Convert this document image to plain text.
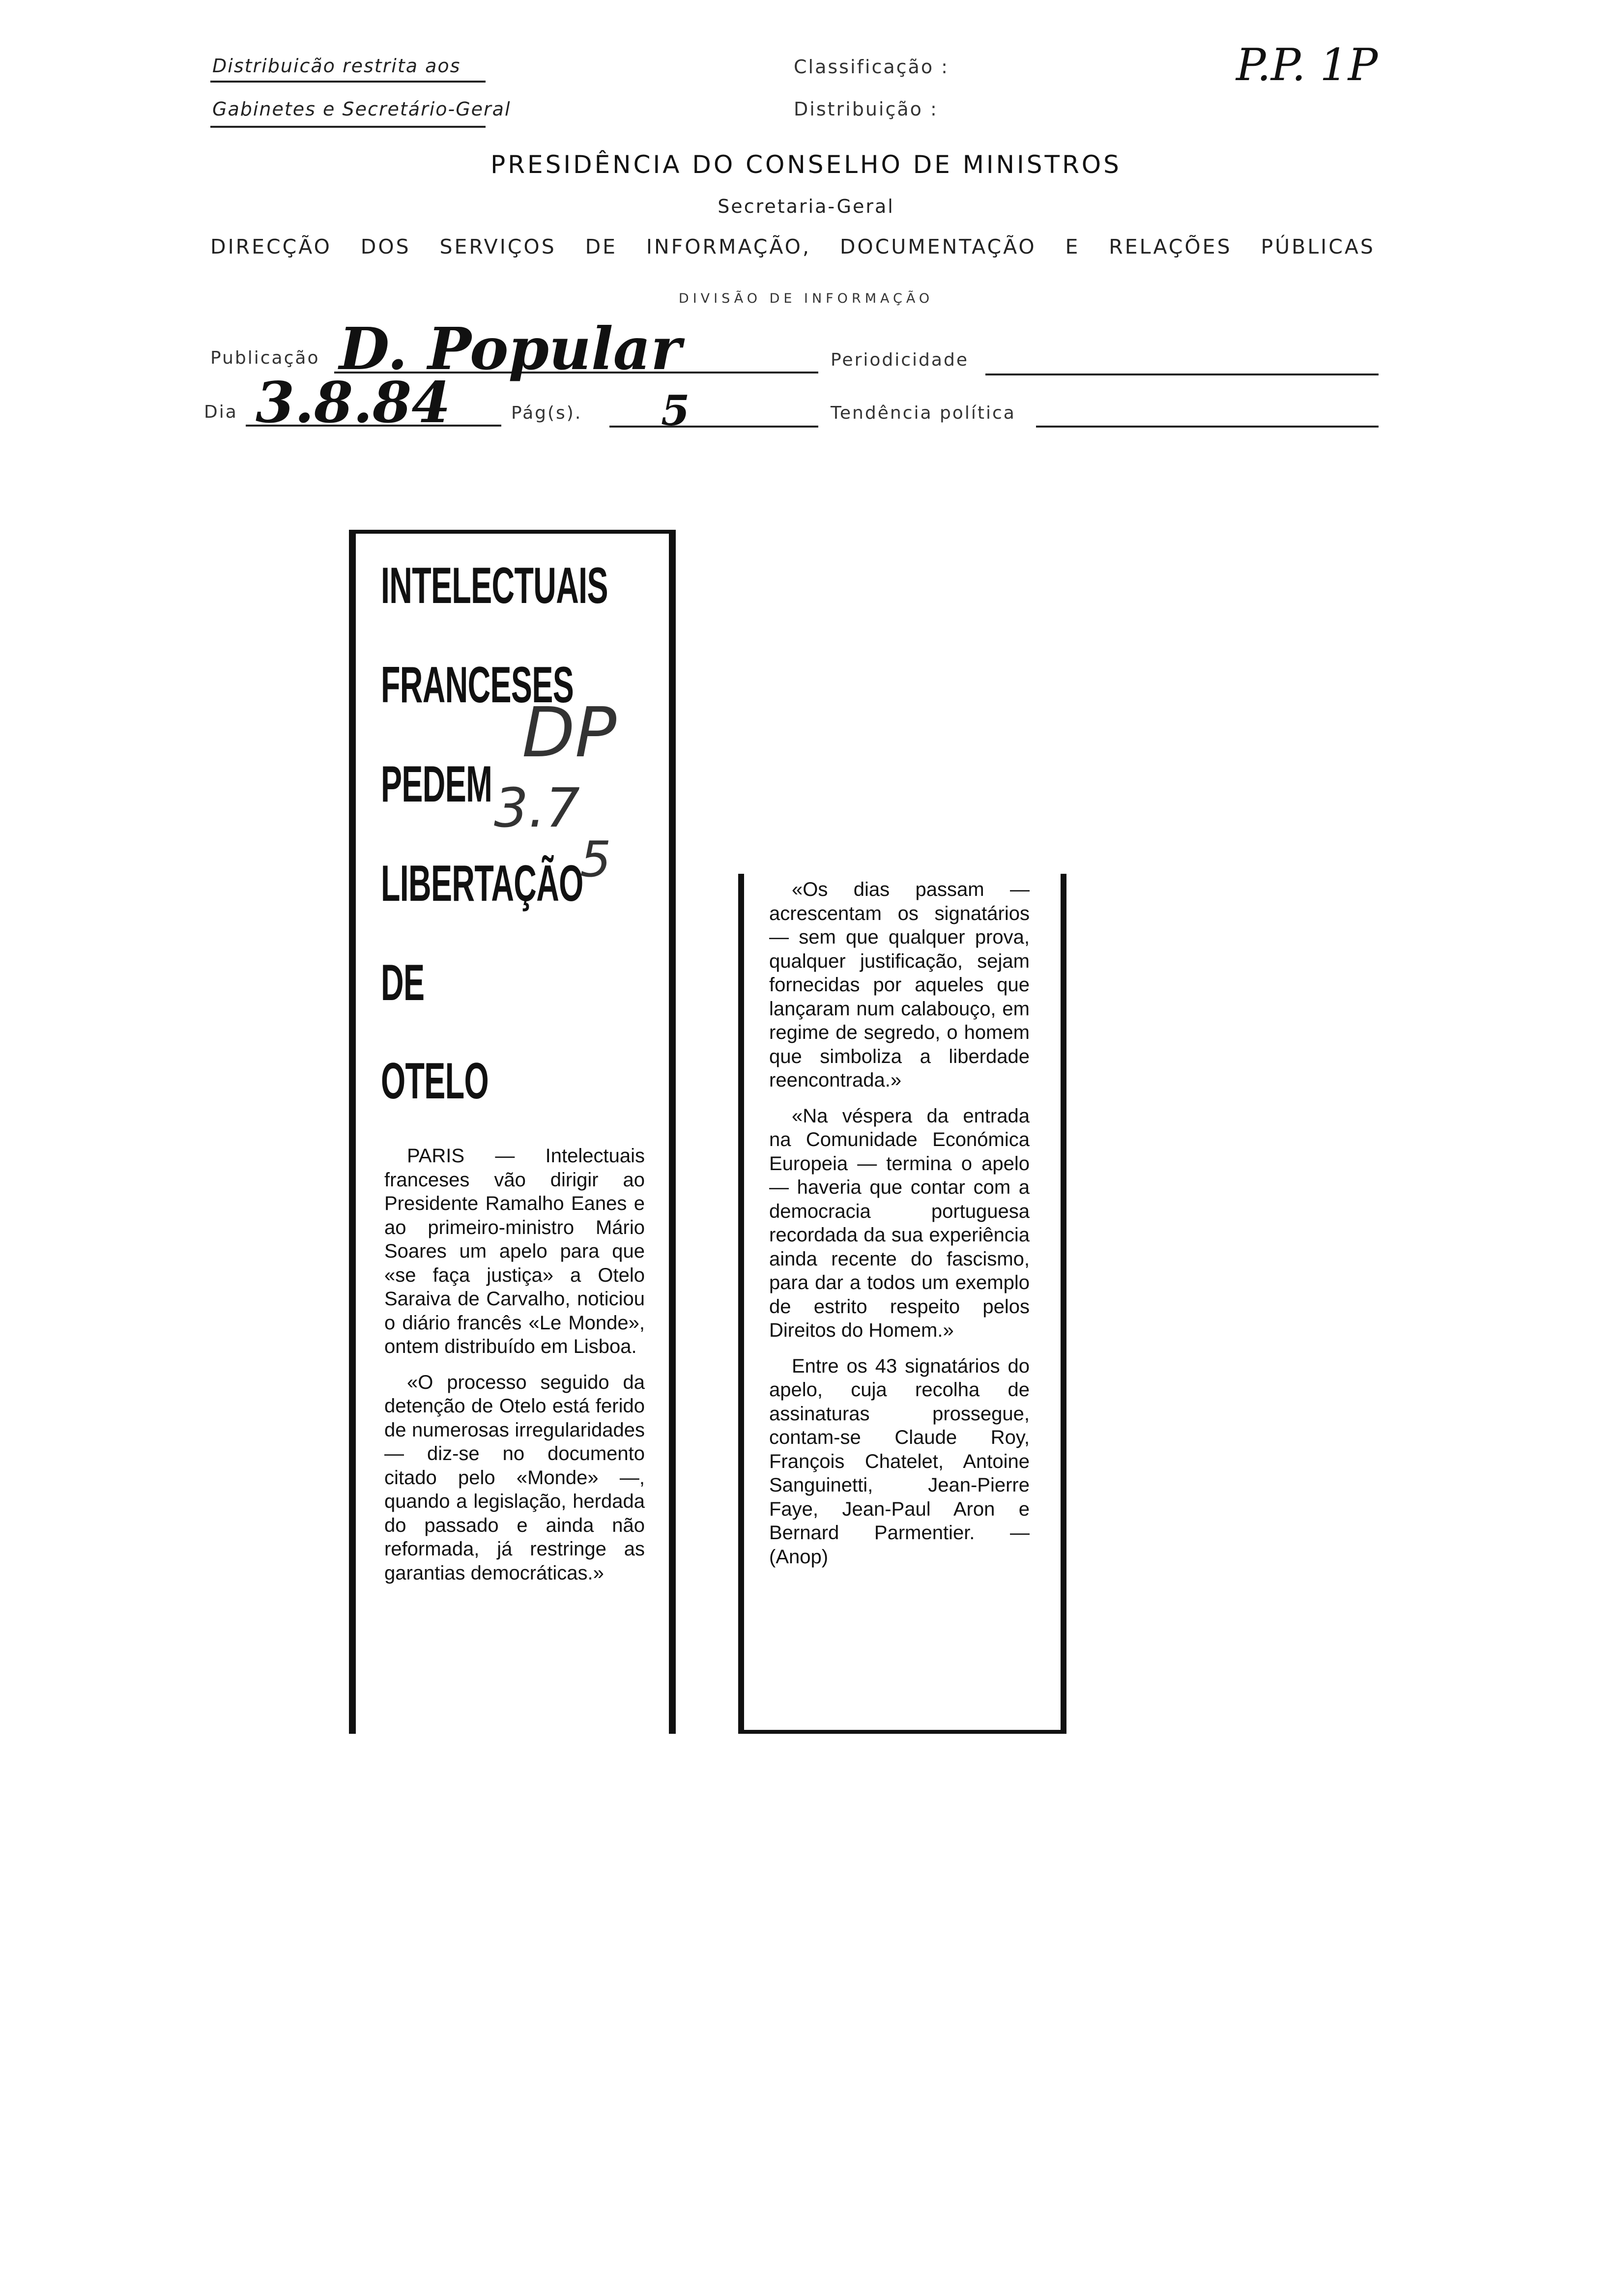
Distribuicão restrita aos
Gabinetes e Secretário-Geral
Classificação :
Distribuição :
P.P. 1P
PRESIDÊNCIA DO CONSELHO DE MINISTROS
Secretaria-Geral
DIRECÇÃO DOS SERVIÇOS DE INFORMAÇÃO, DOCUMENTAÇÃO E RELAÇÕES PÚBLICAS
DIVISÃO DE INFORMAÇÃO
Publicação D. Popular	Periodicidade
Dia 3.8.84	Pág(s). 5	Tendência política
INTELECTUAIS
FRANCESES
PEDEM
LIBERTAÇÃO
DE
OTELO
DP
3.7
5

PARIS — Intelectuais franceses vão dirigir ao Presidente Ramalho Eanes e ao primeiro-ministro Mário Soares um apelo para que «se faça justiça» a Otelo Saraiva de Carvalho, noticiou o diário francês «Le Monde», ontem distribuído em Lisboa.

«O processo seguido da detenção de Otelo está ferido de numerosas irregularidades — diz-se no documento citado pelo «Monde» —, quando a legislação, herdada do passado e ainda não reformada, já restringe as garantias democráticas.»

«Os dias passam — acrescentam os signatários — sem que qualquer prova, qualquer justificação, sejam fornecidas por aqueles que lançaram num calabouço, em regime de segredo, o homem que simboliza a liberdade reencontrada.»

«Na véspera da entrada na Comunidade Económica Europeia — termina o apelo — haveria que contar com a democracia portuguesa recordada da sua experiência ainda recente do fascismo, para dar a todos um exemplo de estrito respeito pelos Direitos do Homem.»

Entre os 43 signatários do apelo, cuja recolha de assinaturas prossegue, contam-se Claude Roy, François Chatelet, Antoine Sanguinetti, Jean-Pierre Faye, Jean-Paul Aron e Bernard Parmentier. — (Anop)
